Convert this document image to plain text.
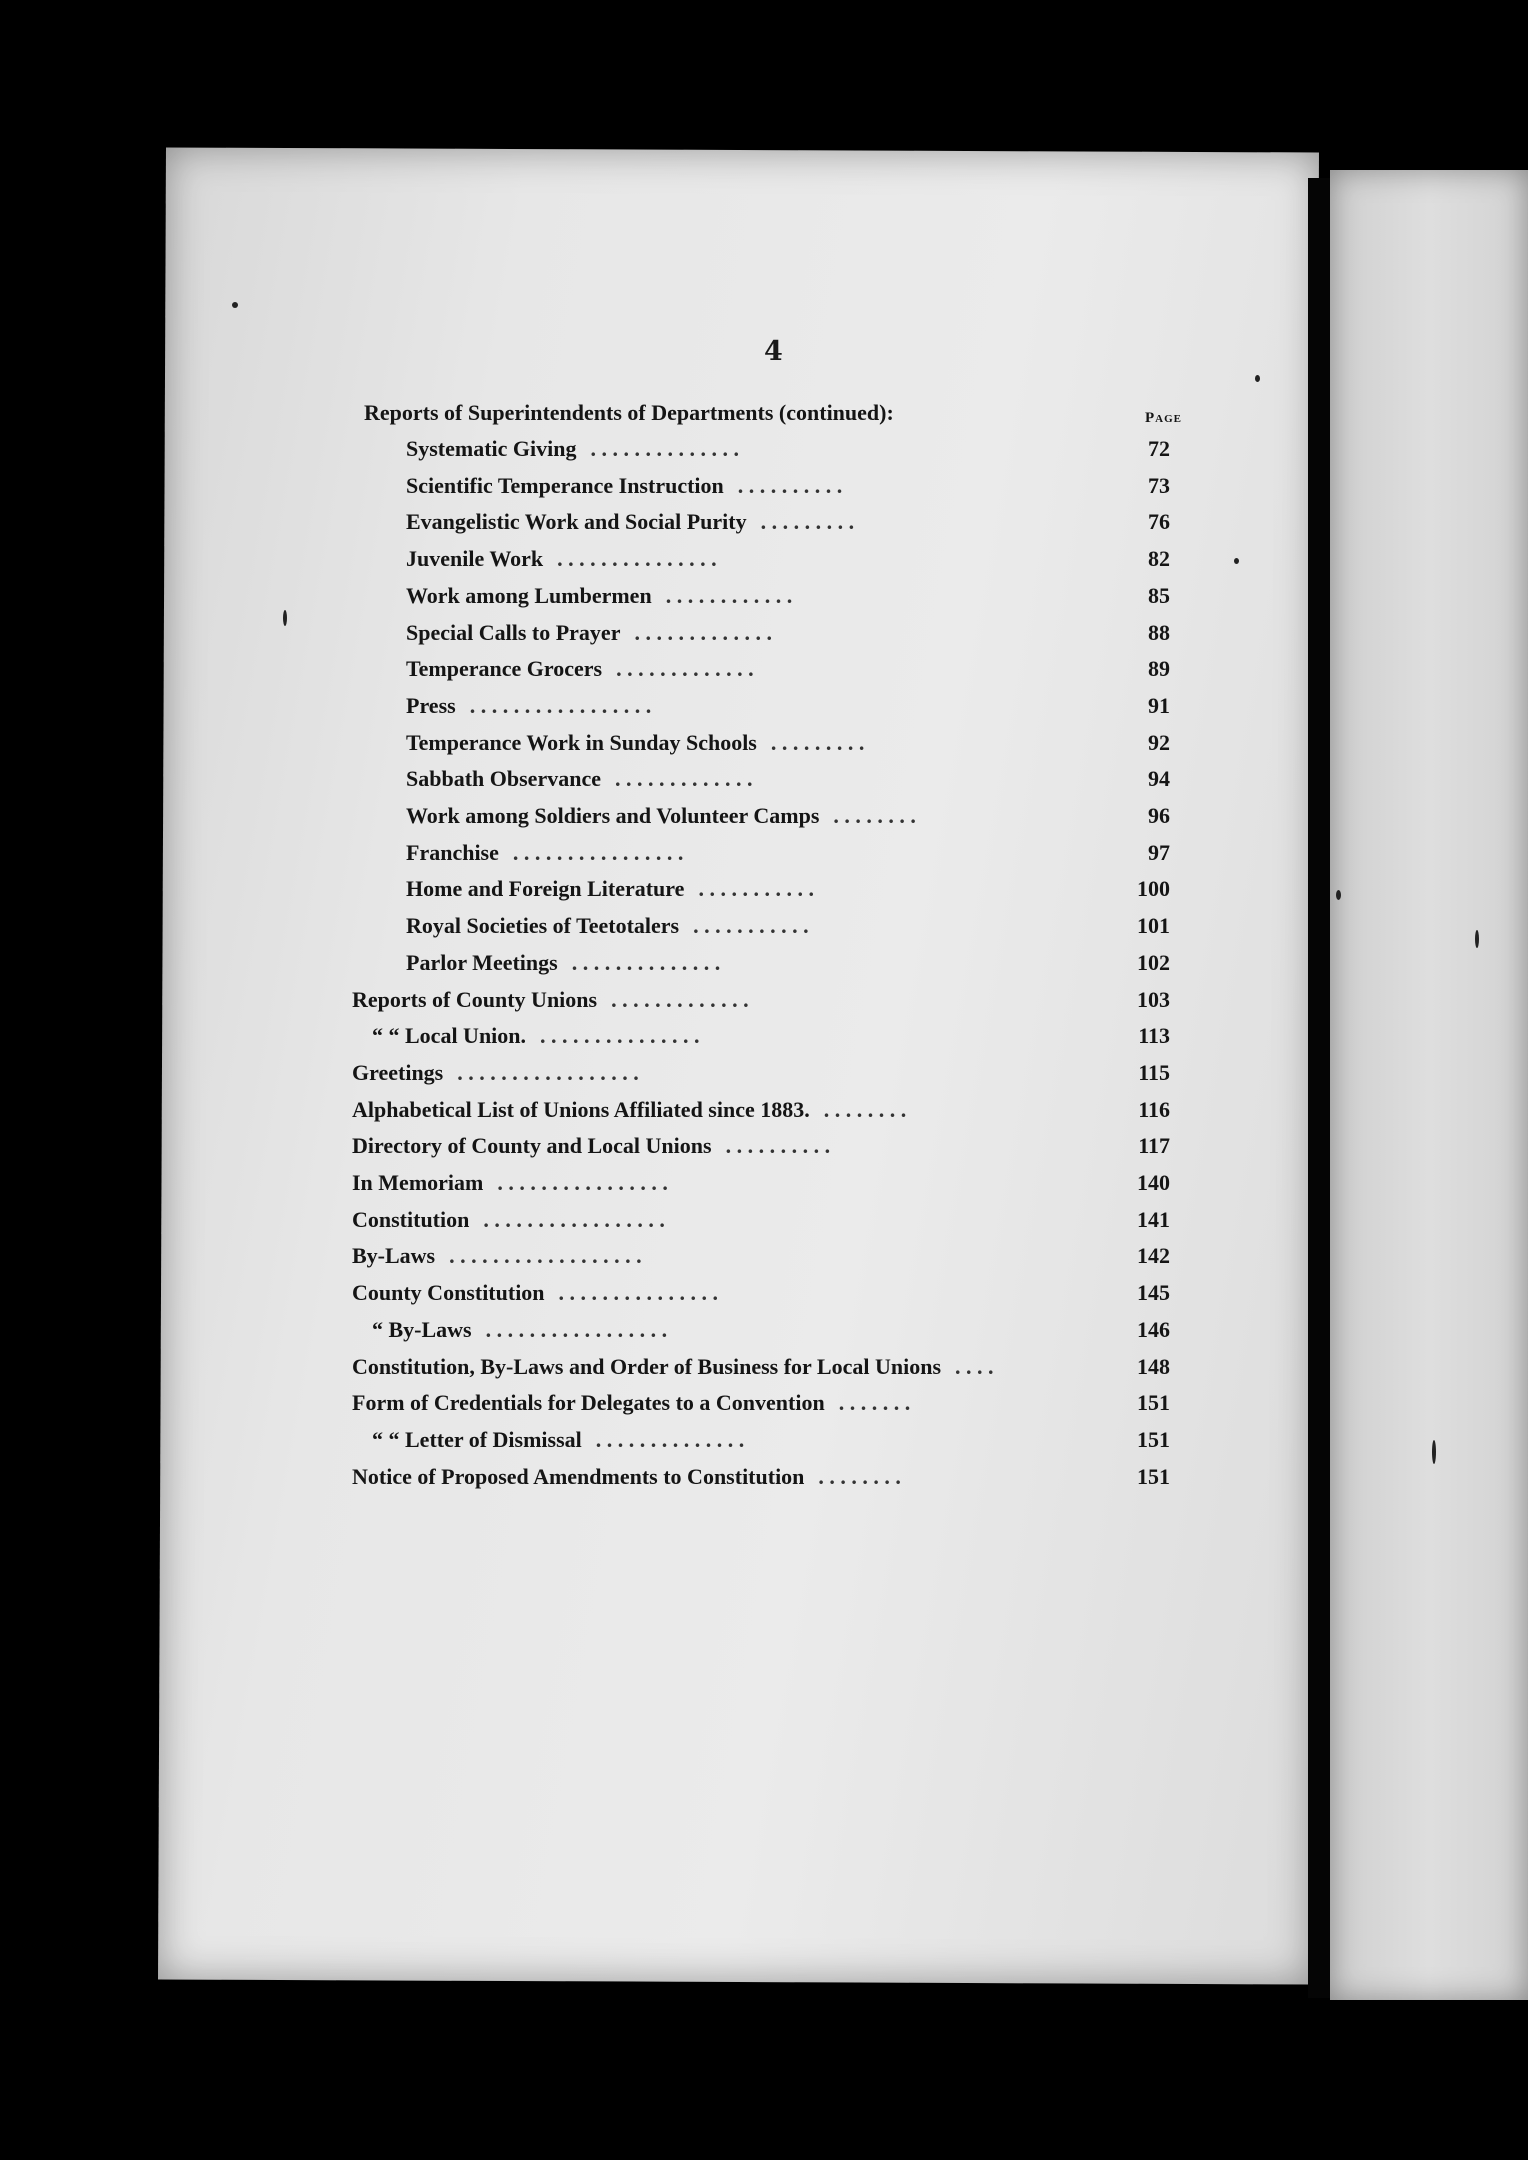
4
Page
Reports of Superintendents of Departments (continued):
Systematic Giving	72
. . . . . . . . . . . . . .
Scientific Temperance Instruction	73
. . . . . . . . . .
Evangelistic Work and Social Purity	76
. . . . . . . . .
Juvenile Work	82
. . . . . . . . . . . . . . .
Work among Lumbermen	85
. . . . . . . . . . . .
Special Calls to Prayer	88
. . . . . . . . . . . . .
Temperance Grocers	89
. . . . . . . . . . . . .
Press	91
. . . . . . . . . . . . . . . . .
Temperance Work in Sunday Schools	92
. . . . . . . . .
Sabbath Observance	94
. . . . . . . . . . . . .
Work among Soldiers and Volunteer Camps	96
. . . . . . . .
Franchise	97
. . . . . . . . . . . . . . . .
Home and Foreign Literature	100
. . . . . . . . . . .
Royal Societies of Teetotalers	101
. . . . . . . . . . .
Parlor Meetings	102
. . . . . . . . . . . . . .
Reports of County Unions	103
. . . . . . . . . . . . .
“ “ Local Union.	113
. . . . . . . . . . . . . . .
Greetings	115
. . . . . . . . . . . . . . . . .
Alphabetical List of Unions Affiliated since 1883.	116
. . . . . . . .
Directory of County and Local Unions	117
. . . . . . . . . .
In Memoriam	140
. . . . . . . . . . . . . . . .
Constitution	141
. . . . . . . . . . . . . . . . .
By-Laws	142
. . . . . . . . . . . . . . . . . .
County Constitution	145
. . . . . . . . . . . . . . .
“ By-Laws	146
. . . . . . . . . . . . . . . . .
Constitution, By-Laws and Order of Business for Local Unions	148
. . . .
Form of Credentials for Delegates to a Convention	151
. . . . . . .
“ “ Letter of Dismissal	151
. . . . . . . . . . . . . .
Notice of Proposed Amendments to Constitution	151
. . . . . . . .
